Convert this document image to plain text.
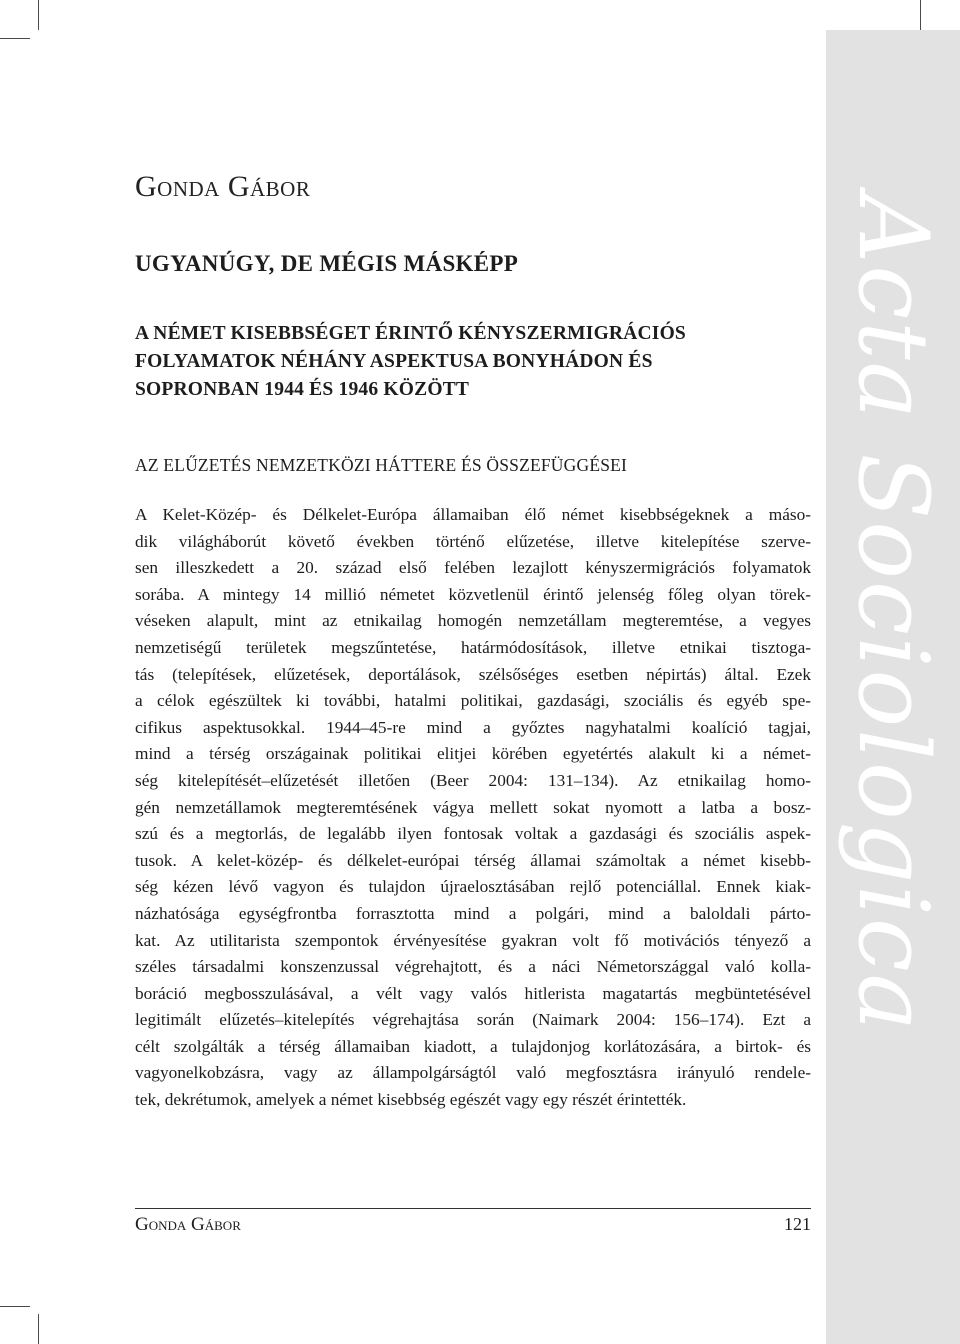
Acta Sociologica
Gonda Gábor
UGYANÚGY, DE MÉGIS MÁSKÉPP
A NÉMET KISEBBSÉGET ÉRINTŐ KÉNYSZERMIGRÁCIÓS
FOLYAMATOK NÉHÁNY ASPEKTUSA BONYHÁDON ÉS
SOPRONBAN 1944 ÉS 1946 KÖZÖTT
AZ ELŰZETÉS NEMZETKÖZI HÁTTERE ÉS ÖSSZEFÜGGÉSEI
A Kelet-Közép- és Délkelet-Európa államaiban élő német kisebbségeknek a máso-
dik világháborút követő években történő elűzetése, illetve kitelepítése szerve-
sen illeszkedett a 20. század első felében lezajlott kényszermigrációs folyamatok
sorába. A mintegy 14 millió németet közvetlenül érintő jelenség főleg olyan törek-
véseken alapult, mint az etnikailag homogén nemzetállam megteremtése, a vegyes
nemzetiségű területek megszűntetése, határmódosítások, illetve etnikai tisztoga-
tás (telepítések, elűzetések, deportálások, szélsőséges esetben népirtás) által. Ezek
a célok egészültek ki további, hatalmi politikai, gazdasági, szociális és egyéb spe-
cifikus aspektusokkal. 1944–45-re mind a győztes nagyhatalmi koalíció tagjai,
mind a térség országainak politikai elitjei körében egyetértés alakult ki a német-
ség kitelepítését–elűzetését illetően (Beer 2004: 131–134). Az etnikailag homo-
gén nemzetállamok megteremtésének vágya mellett sokat nyomott a latba a bosz-
szú és a megtorlás, de legalább ilyen fontosak voltak a gazdasági és szociális aspek-
tusok. A kelet-közép- és délkelet-európai térség államai számoltak a német kisebb-
ség kézen lévő vagyon és tulajdon újraelosztásában rejlő potenciállal. Ennek kiak-
názhatósága egységfrontba forrasztotta mind a polgári, mind a baloldali párto-
kat. Az utilitarista szempontok érvényesítése gyakran volt fő motivációs tényező a
széles társadalmi konszenzussal végrehajtott, és a náci Németországgal való kolla-
boráció megbosszulásával, a vélt vagy valós hitlerista magatartás megbüntetésével
legitimált elűzetés–kitelepítés végrehajtása során (Naimark 2004: 156–174). Ezt a
célt szolgálták a térség államaiban kiadott, a tulajdonjog korlátozására, a birtok- és
vagyonelkobzásra, vagy az állampolgárságtól való megfosztásra irányuló rendele-
tek, dekrétumok, amelyek a német kisebbség egészét vagy egy részét érintették.
Gonda Gábor	121
